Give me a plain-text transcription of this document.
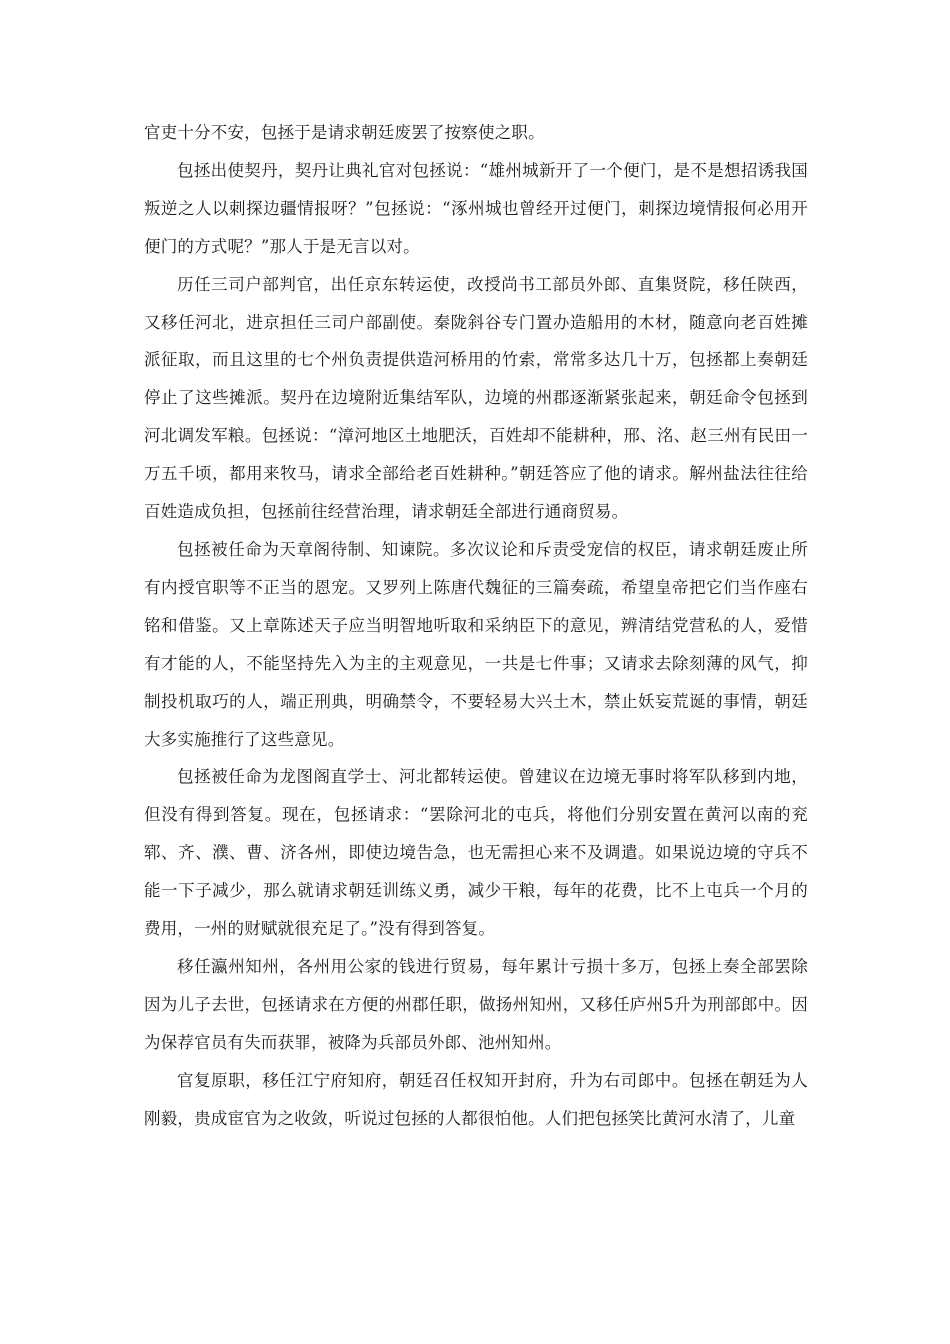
官吏十分不安，包拯于是请求朝廷废罢了按察使之职。

包拯出使契丹，契丹让典礼官对包拯说：“雄州城新开了一个便门，是不是想招诱我国叛逆之人以刺探边疆情报呀？”包拯说：“涿州城也曾经开过便门，刺探边境情报何必用开便门的方式呢？”那人于是无言以对。

历任三司户部判官，出任京东转运使，改授尚书工部员外郎、直集贤院，移任陕西，又移任河北，进京担任三司户部副使。秦陇斜谷专门置办造船用的木材，随意向老百姓摊派征取，而且这里的七个州负责提供造河桥用的竹索，常常多达几十万，包拯都上奏朝廷停止了这些摊派。契丹在边境附近集结军队，边境的州郡逐渐紧张起来，朝廷命令包拯到河北调发军粮。包拯说：“漳河地区土地肥沃，百姓却不能耕种，邢、洺、赵三州有民田一万五千顷，都用来牧马，请求全部给老百姓耕种。”朝廷答应了他的请求。解州盐法往往给百姓造成负担，包拯前往经营治理，请求朝廷全部进行通商贸易。

包拯被任命为天章阁待制、知谏院。多次议论和斥责受宠信的权臣，请求朝廷废止所有内授官职等不正当的恩宠。又罗列上陈唐代魏征的三篇奏疏，希望皇帝把它们当作座右铭和借鉴。又上章陈述天子应当明智地听取和采纳臣下的意见，辨清结党营私的人，爱惜有才能的人，不能坚持先入为主的主观意见，一共是七件事；又请求去除刻薄的风气，抑制投机取巧的人，端正刑典，明确禁令，不要轻易大兴土木，禁止妖妄荒诞的事情，朝廷大多实施推行了这些意见。

包拯被任命为龙图阁直学士、河北都转运使。曾建议在边境无事时将军队移到内地，但没有得到答复。现在，包拯请求：“罢除河北的屯兵，将他们分别安置在黄河以南的兖郓、齐、濮、曹、济各州，即使边境告急，也无需担心来不及调遣。如果说边境的守兵不能一下子减少，那么就请求朝廷训练义勇，减少干粮，每年的花费，比不上屯兵一个月的费用，一州的财赋就很充足了。”没有得到答复。

移任瀛州知州，各州用公家的钱进行贸易，每年累计亏损十多万，包拯上奏全部罢除因为儿子去世，包拯请求在方便的州郡任职，做扬州知州，又移任庐州5升为刑部郎中。因为保荐官员有失而获罪，被降为兵部员外郎、池州知州。

官复原职，移任江宁府知府，朝廷召任权知开封府，升为右司郎中。包拯在朝廷为人刚毅，贵成宦官为之收敛，听说过包拯的人都很怕他。人们把包拯笑比黄河水清了，儿童
